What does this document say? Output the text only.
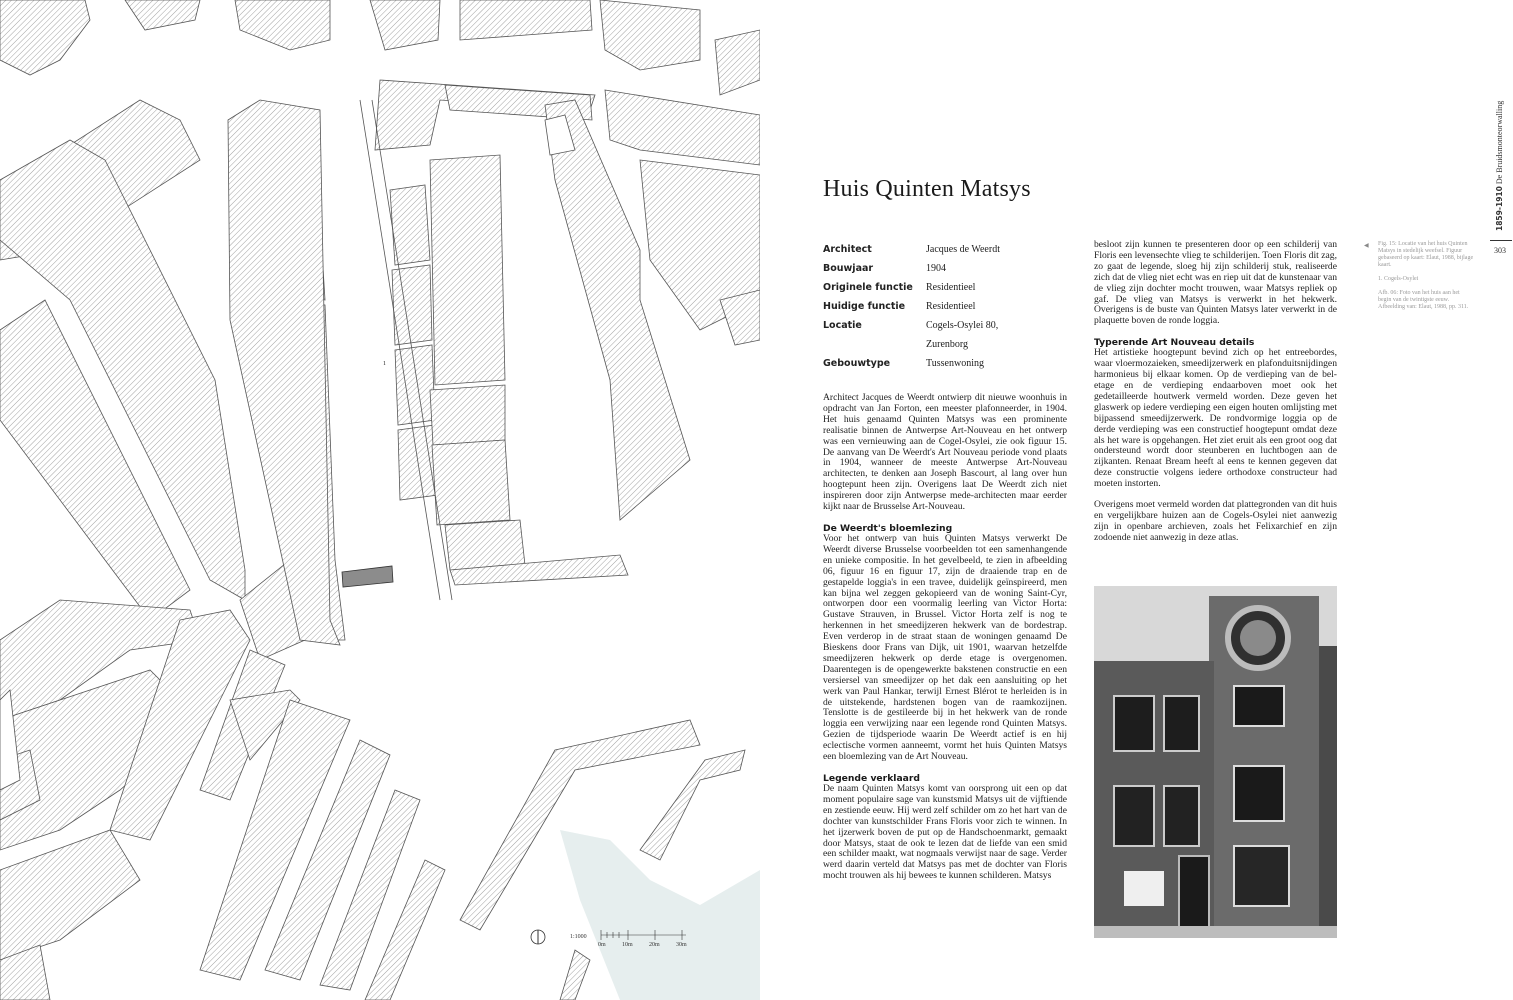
1
1:1000
0m	10m	20m	30m
Huis Quinten Matsys
Architect	Jacques de Weerdt
Bouwjaar	1904
Originele functie	Residentieel
Huidige functie	Residentieel
Locatie	Cogels-Osylei 80,
Zurenborg
Gebouwtype	Tussenwoning

Architect Jacques de Weerdt ontwierp dit nieuwe woonhuis in opdracht van Jan Forton, een meester plafonneerder, in 1904. Het huis genaamd Quinten Matsys was een prominente realisatie binnen de Antwerpse Art-Nouveau en het ontwerp was een vernieuwing aan de Cogel-Osylei, zie ook figuur 15. De aanvang van De Weerdt's Art Nouveau periode vond plaats in 1904, wanneer de meeste Antwerpse Art-Nouveau architecten, te denken aan Joseph Bascourt, al lang over hun hoogtepunt heen zijn. Overigens laat De Weerdt zich niet inspireren door zijn Antwerpse mede-architecten maar eerder kijkt naar de Brusselse Art-Nouveau.

De Weerdt's bloemlezing

Voor het ontwerp van huis Quinten Matsys verwerkt De Weerdt diverse Brusselse voorbeelden tot een samenhangende en unieke compositie. In het gevelbeeld, te zien in afbeelding 06, figuur 16 en figuur 17, zijn de draaiende trap en de gestapelde loggia's in een travee, duidelijk geïnspireerd, men kan bijna wel zeggen gekopieerd van de woning Saint-Cyr, ontworpen door een voormalig leerling van Victor Horta: Gustave Strauven, in Brussel. Victor Horta zelf is nog te herkennen in het smeedijzeren hekwerk van de bordestrap. Even verderop in de straat staan de woningen genaamd De Bieskens door Frans van Dijk, uit 1901, waarvan hetzelfde smeedijzeren hekwerk op derde etage is overgenomen. Daarentegen is de opengewerkte bakstenen constructie en een versiersel van smeedijzer op het dak een aansluiting op het werk van Paul Hankar, terwijl Ernest Blérot te herleiden is in de uitstekende, hardstenen bogen van de raamkozijnen. Tenslotte is de gestileerde bij in het hekwerk van de ronde loggia een verwijzing naar een legende rond Quinten Matsys. Gezien de tijdsperiode waarin De Weerdt actief is en hij eclectische vormen aanneemt, vormt het huis Quinten Matsys een bloemlezing van de Art Nouveau.

Legende verklaard

De naam Quinten Matsys komt van oorsprong uit een op dat moment populaire sage van kunstsmid Matsys uit de vijftiende en zestiende eeuw. Hij werd zelf schilder om zo het hart van de dochter van kunstschilder Frans Floris voor zich te winnen. In het ijzerwerk boven de put op de Handschoenmarkt, gemaakt door Matsys, staat de ook te lezen dat de liefde van een smid een schilder maakt, wat nogmaals verwijst naar de sage. Verder werd daarin verteld dat Matsys pas met de dochter van Floris mocht trouwen als hij bewees te kunnen schilderen. Matsys

besloot zijn kunnen te presenteren door op een schilderij van Floris een levensechte vlieg te schilderijen. Toen Floris dit zag, zo gaat de legende, sloeg hij zijn schilderij stuk, realiseerde zich dat de vlieg niet echt was en riep uit dat de kunstenaar van de vlieg zijn dochter mocht trouwen, waar Matsys repliek op gaf. De vlieg van Matsys is verwerkt in het hekwerk. Overigens is de buste van Quinten Matsys later verwerkt in de plaquette boven de ronde loggia.

Typerende Art Nouveau details

Het artistieke hoogtepunt bevind zich op het entreebordes, waar vloermozaieken, smeedijzerwerk en plafonduitsnijdingen harmonieus bij elkaar komen. Op de verdieping van de bel-etage en de verdieping endaarboven moet ook het gedetailleerde houtwerk vermeld worden. Deze geven het glaswerk op iedere verdieping een eigen houten omlijsting met bijpassend smeedijzerwerk. De rondvormige loggia op de derde verdieping was een constructief hoogtepunt omdat deze als het ware is opgehangen. Het ziet eruit als een groot oog dat ondersteund wordt door steunberen en luchtbogen aan de zijkanten. Renaat Bream heeft al eens te kennen gegeven dat deze constructie volgens iedere orthodoxe constructeur had moeten instorten.

Overigens moet vermeld worden dat plattegronden van dit huis en vergelijkbare huizen aan de Cogels-Osylei niet aanwezig zijn in openbare archieven, zoals het Felixarchief en zijn zodoende niet aanwezig in deze atlas.

◀ Fig. 15: Locatie van het huis Quinten Matsys in stedelijk weefsel. Figuur gebaseerd op kaart: Elaut, 1988, bijlage kaart.

1. Cogels-Osylei

Afb. 06: Foto van het huis aan het begin van de twintigste eeuw. Afbeelding van: Elaut, 1988, pp. 311.

1859-1910 De Bruidsmonteorwalling
303
